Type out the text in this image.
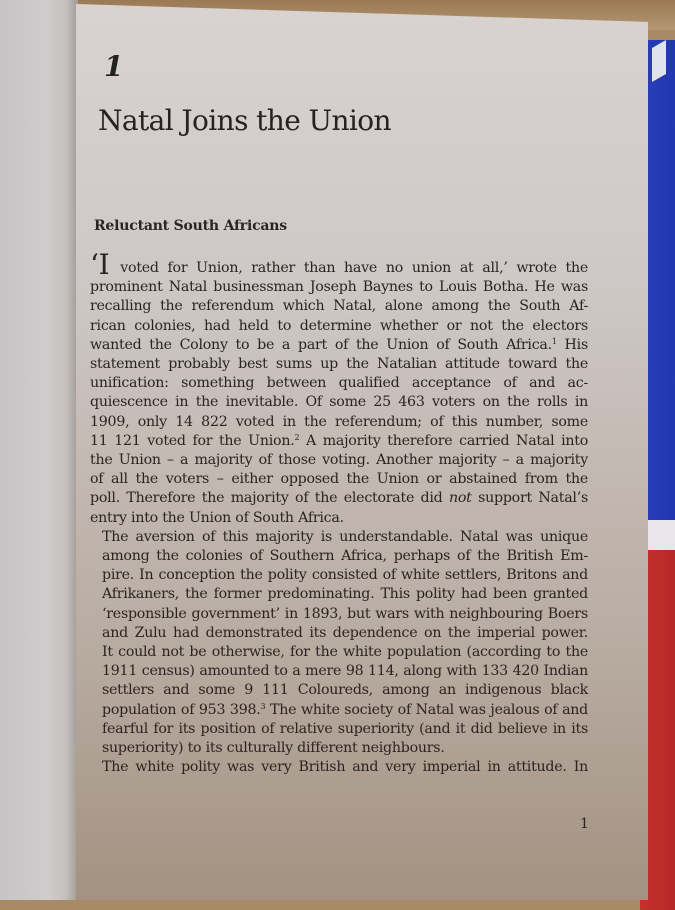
1
Natal Joins the Union
Reluctant South Africans

‘I voted for Union, rather than have no union at all,’ wrote the
prominent Natal businessman Joseph Baynes to Louis Botha. He was
recalling the referendum which Natal, alone among the South Af-
rican colonies, had held to determine whether or not the electors
wanted the Colony to be a part of the Union of South Africa.$^1$ His
statement probably best sums up the Natalian attitude toward the
unification: something between qualified acceptance of and ac-
quiescence in the inevitable. Of some 25 463 voters on the rolls in
1909, only 14 822 voted in the referendum; of this number, some
11 121 voted for the Union.$^2$ A majority therefore carried Natal into
the Union – a majority of those voting. Another majority – a majority
of all the voters – either opposed the Union or abstained from the
poll. Therefore the majority of the electorate did not support Natal’s
entry into the Union of South Africa.

The aversion of this majority is understandable. Natal was unique
among the colonies of Southern Africa, perhaps of the British Em-
pire. In conception the polity consisted of white settlers, Britons and
Afrikaners, the former predominating. This polity had been granted
‘responsible government’ in 1893, but wars with neighbouring Boers
and Zulu had demonstrated its dependence on the imperial power.
It could not be otherwise, for the white population (according to the
1911 census) amounted to a mere 98 114, along with 133 420 Indian
settlers and some 9 111 Coloureds, among an indigenous black
population of 953 398.$^3$ The white society of Natal was jealous of and
fearful for its position of relative superiority (and it did believe in its
superiority) to its culturally different neighbours.

The white polity was very British and very imperial in attitude. In

1
